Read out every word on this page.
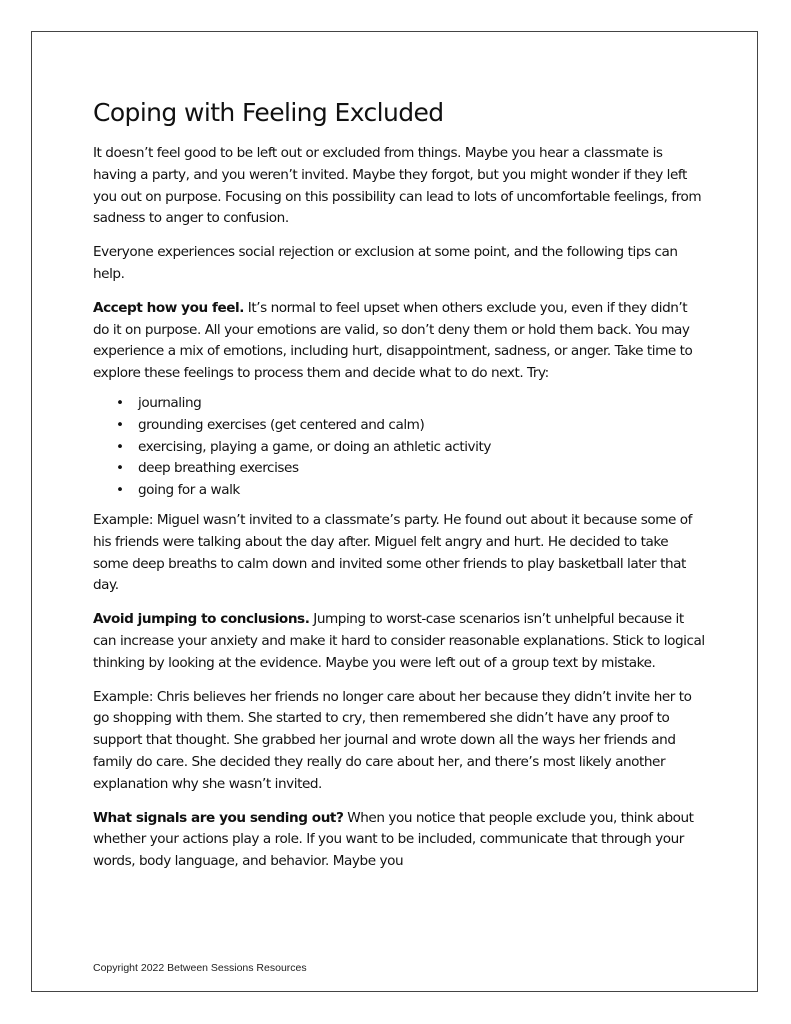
Coping with Feeling Excluded

It doesn’t feel good to be left out or excluded from things. Maybe you hear a classmate is having a party, and you weren’t invited. Maybe they forgot, but you might wonder if they left you out on purpose. Focusing on this possibility can lead to lots of uncomfortable feelings, from sadness to anger to confusion.

Everyone experiences social rejection or exclusion at some point, and the following tips can help.

Accept how you feel. It’s normal to feel upset when others exclude you, even if they didn’t do it on purpose. All your emotions are valid, so don’t deny them or hold them back. You may experience a mix of emotions, including hurt, disappointment, sadness, or anger. Take time to explore these feelings to process them and decide what to do next. Try:

• journaling
• grounding exercises (get centered and calm)
• exercising, playing a game, or doing an athletic activity
• deep breathing exercises
• going for a walk

Example: Miguel wasn’t invited to a classmate’s party. He found out about it because some of his friends were talking about the day after. Miguel felt angry and hurt. He decided to take some deep breaths to calm down and invited some other friends to play basketball later that day.

Avoid jumping to conclusions. Jumping to worst-case scenarios isn’t unhelpful because it can increase your anxiety and make it hard to consider reasonable explanations. Stick to logical thinking by looking at the evidence. Maybe you were left out of a group text by mistake.

Example: Chris believes her friends no longer care about her because they didn’t invite her to go shopping with them. She started to cry, then remembered she didn’t have any proof to support that thought. She grabbed her journal and wrote down all the ways her friends and family do care. She decided they really do care about her, and there’s most likely another explanation why she wasn’t invited.

What signals are you sending out? When you notice that people exclude you, think about whether your actions play a role. If you want to be included, communicate that through your words, body language, and behavior. Maybe you

Copyright 2022 Between Sessions Resources
